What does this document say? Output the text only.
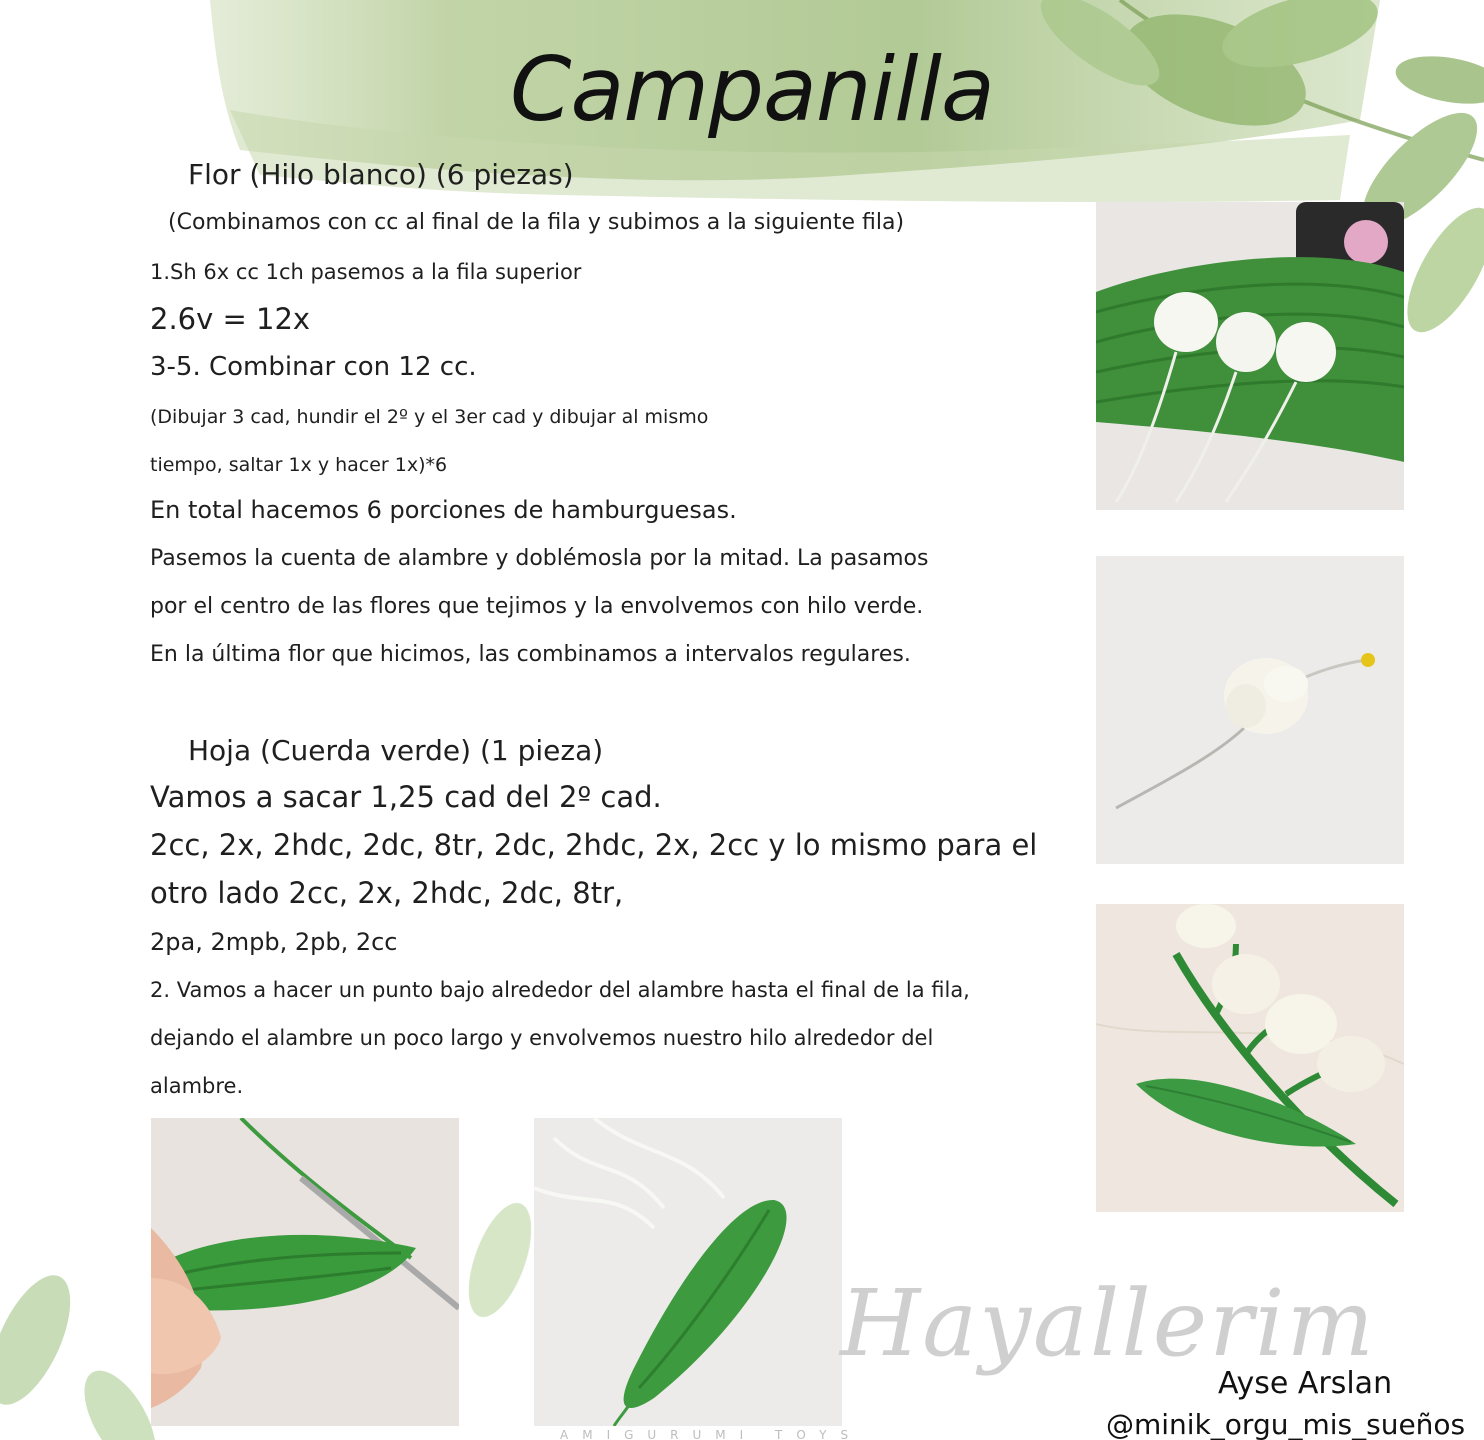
Campanilla
Flor (Hilo blanco) (6 piezas)
(Combinamos con cc al final de la fila y subimos a la siguiente fila)
1.Sh 6x cc 1ch pasemos a la fila superior
2.6v = 12x
3-5. Combinar con 12 cc.
(Dibujar 3 cad, hundir el 2º y el 3er cad y dibujar al mismo
tiempo, saltar 1x y hacer 1x)*6
En total hacemos 6 porciones de hamburguesas.
Pasemos la cuenta de alambre y doblémosla por la mitad. La pasamos
por el centro de las flores que tejimos y la envolvemos con hilo verde.
En la última flor que hicimos, las combinamos a intervalos regulares.
Hoja (Cuerda verde) (1 pieza)
Vamos a sacar 1,25 cad del 2º cad.
2cc, 2x, 2hdc, 2dc, 8tr, 2dc, 2hdc, 2x, 2cc y lo mismo para el
otro lado 2cc, 2x, 2hdc, 2dc, 8tr,
2pa, 2mpb, 2pb, 2cc
2. Vamos a hacer un punto bajo alrededor del alambre hasta el final de la fila,
dejando el alambre un poco largo y envolvemos nuestro hilo alrededor del
alambre.
Hayallerim
AMIGURUMI TOYS
Ayse Arslan
@minik_orgu_mis_sueños
